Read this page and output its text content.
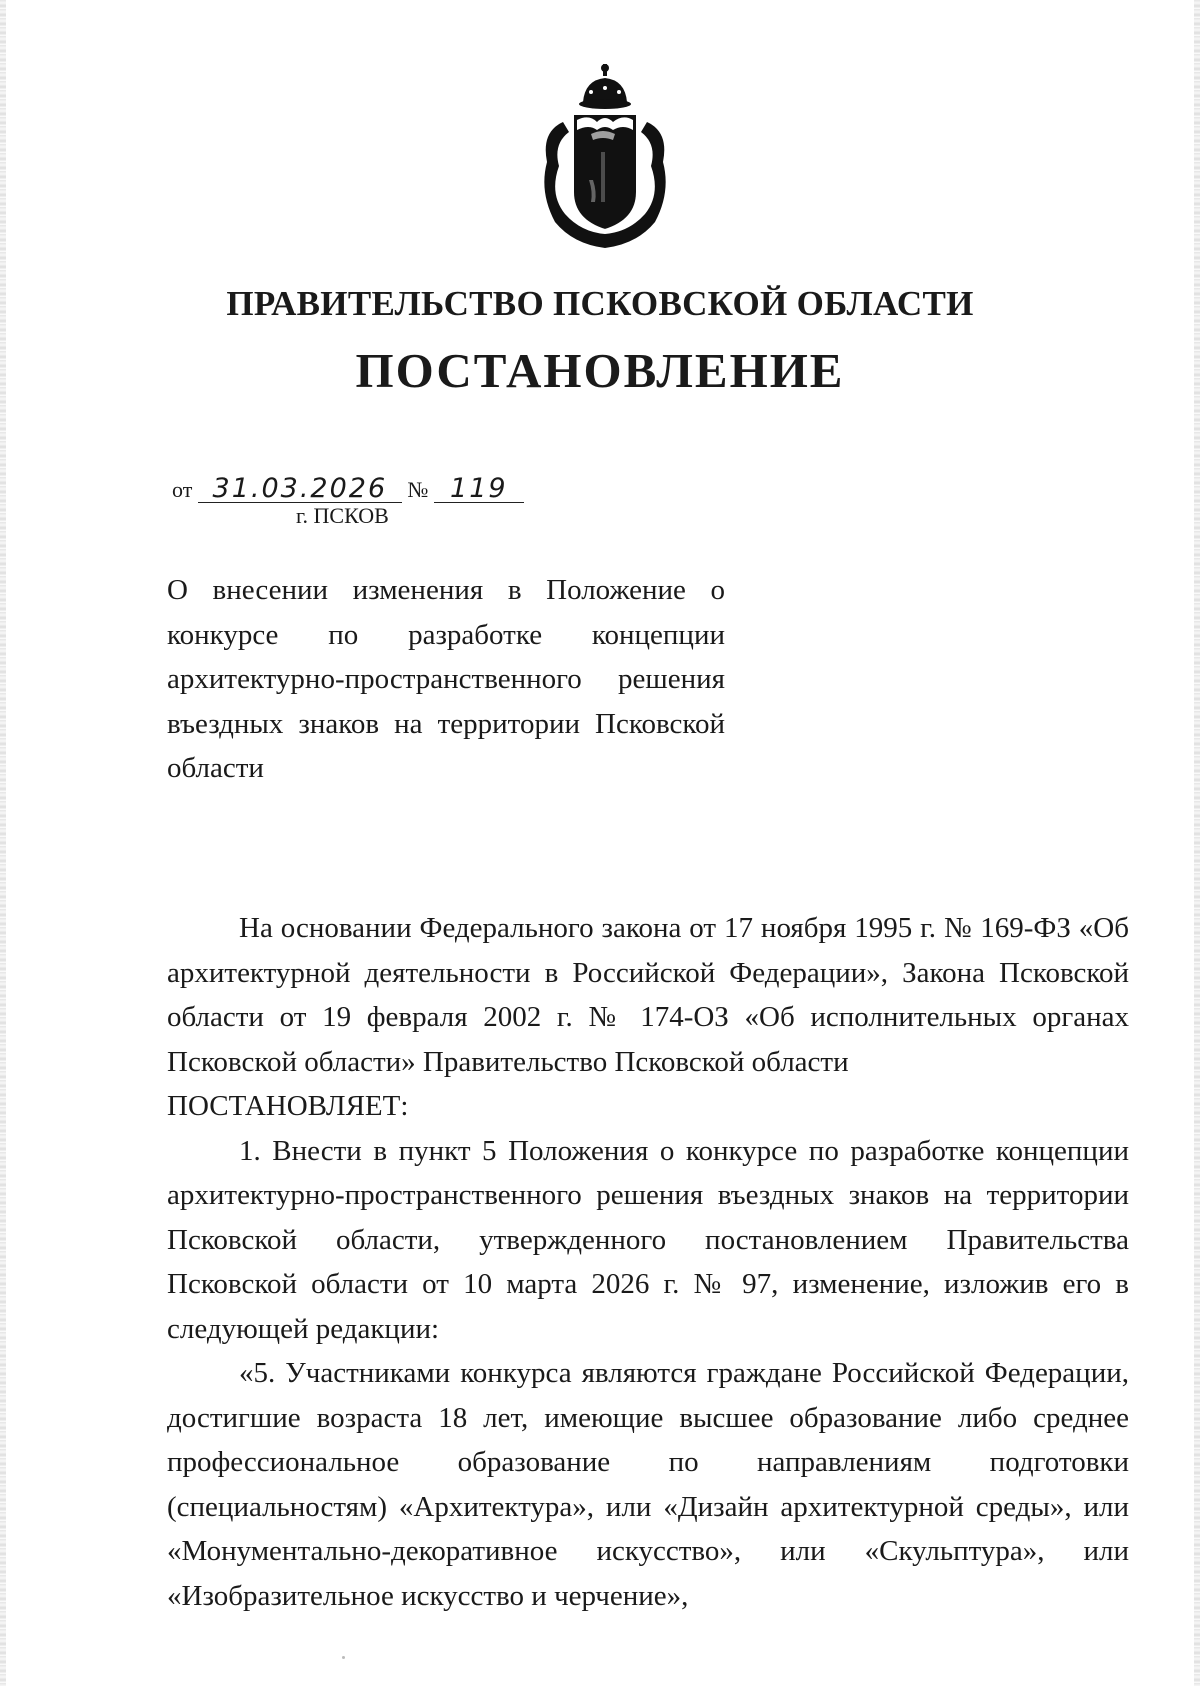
ПРАВИТЕЛЬСТВО ПСКОВСКОЙ ОБЛАСТИ
ПОСТАНОВЛЕНИЕ
от 31.03.2026 № 119
г. ПСКОВ
О внесении изменения в Положение о конкурсе по разработке концепции архитектурно-пространственного решения въездных знаков на территории Псковской области

На основании Федерального закона от 17 ноября 1995 г. № 169-ФЗ «Об архитектурной деятельности в Российской Федерации», Закона Псковской области от 19 февраля 2002 г. № 174-ОЗ «Об исполнительных органах Псковской области» Правительство Псковской области

ПОСТАНОВЛЯЕТ:

1. Внести в пункт 5 Положения о конкурсе по разработке концепции архитектурно-пространственного решения въездных знаков на территории Псковской области, утвержденного постановлением Правительства Псковской области от 10 марта 2026 г. № 97, изменение, изложив его в следующей редакции:

«5. Участниками конкурса являются граждане Российской Федерации, достигшие возраста 18 лет, имеющие высшее образование либо среднее профессиональное образование по направлениям подготовки (специальностям) «Архитектура», или «Дизайн архитектурной среды», или «Монументально-декоративное искусство», или «Скульптура», или «Изобразительное искусство и черчение»,
